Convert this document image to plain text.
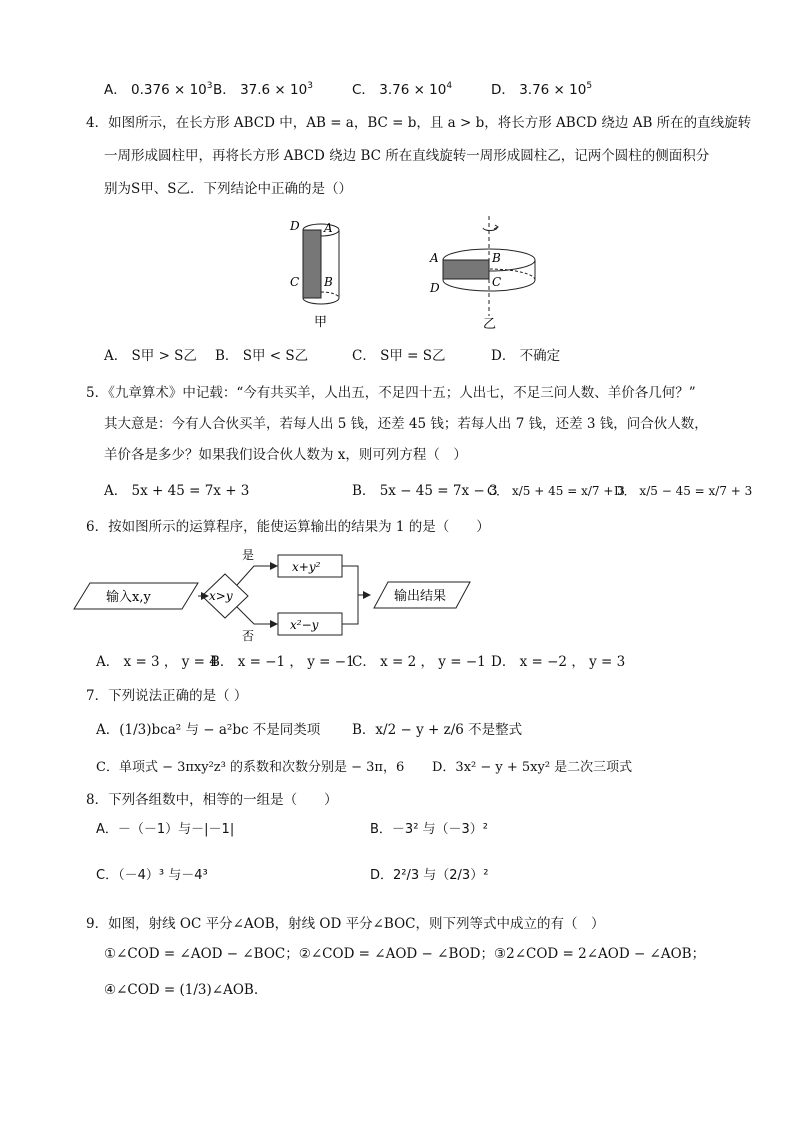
A． $0.376 \times 10^3$ B． $37.6 \times 10^3$	C． $3.76 \times 10^4$	D． $3.76 \times 10^5$
4．如图所示，在长方形 ABCD 中，AB = a，BC = b，且 a > b，将长方形 ABCD 绕边 AB 所在的直线旋转
一周形成圆柱甲，再将长方形 ABCD 绕边 BC 所在直线旋转一周形成圆柱乙，记两个圆柱的侧面积分
别为S甲、S乙．下列结论中正确的是（）
D A
C B
甲
A	B
C
D
乙
A． S甲 > S乙 B． S甲 < S乙	C． S甲 = S乙	D． 不确定
5．《九章算术》中记载：“今有共买羊，人出五，不足四十五；人出七，不足三问人数、羊价各几何？”
其大意是：今有人合伙买羊，若每人出 5 钱，还差 45 钱；若每人出 7 钱，还差 3 钱，问合伙人数，
羊价各是多少？如果我们设合伙人数为 x，则可列方程（　）
A． 5x + 45 = 7x + 3	B． 5x − 45 = 7x − 3
C． x/5 + 45 = x/7 + 3
D． x/5 − 45 = x/7 + 3
6．按如图所示的运算程序，能使运算输出的结果为 1 的是（　　）
输入x,y	x>y
是
否
x+y²
x²−y
输出结果
A． x = 3 ， y = 4
B． x = −1 ， y = −1
C． x = 2 ， y = −1 D． x = −2 ， y = 3
7．下列说法正确的是（ ）
A．(1/3)bca² 与 − a²bc 不是同类项 B．x/2 − y + z/6 不是整式
C．单项式 − 3πxy²z³ 的系数和次数分别是 − 3π，6 D．3x² − y + 5xy² 是二次三项式
8．下列各组数中，相等的一组是（　　）
A．－（－1）与－|－1|	B．－3² 与（－3）²
C．（－4）³ 与－4³	D．2²/3 与（2/3）²
9．如图，射线 OC 平分∠AOB，射线 OD 平分∠BOC，则下列等式中成立的有（　）
①∠COD = ∠AOD − ∠BOC；②∠COD = ∠AOD − ∠BOD；③2∠COD = 2∠AOD − ∠AOB；
④∠COD = (1/3)∠AOB.
